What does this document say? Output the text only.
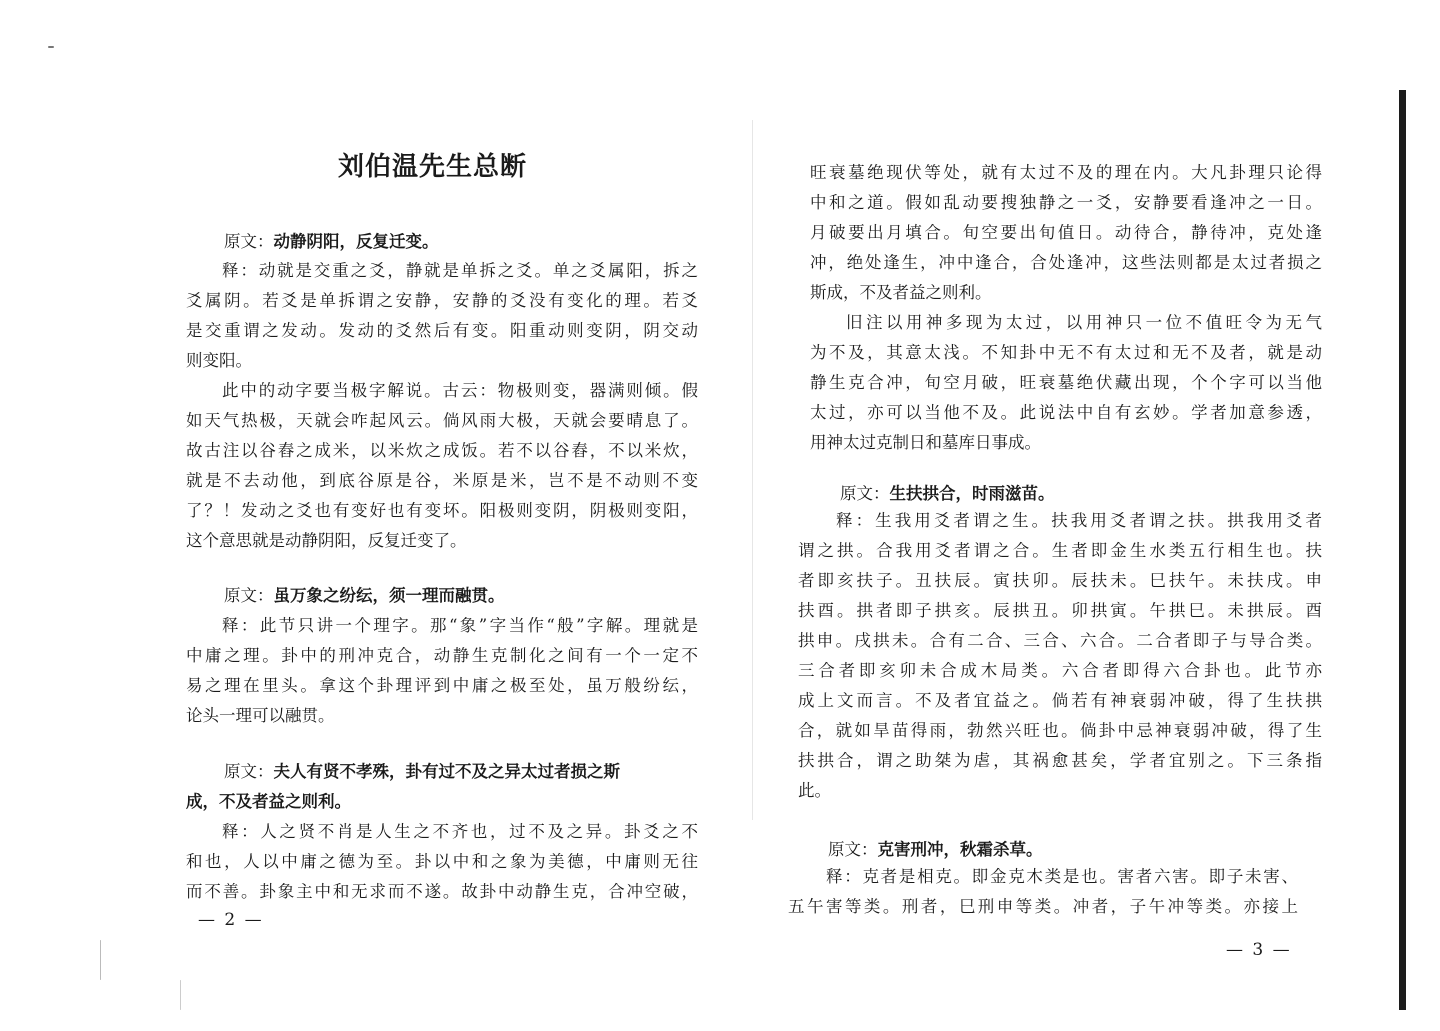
刘伯温先生总断
原文：动静阴阳，反复迁变。
释：动就是交重之爻，静就是单拆之爻。单之爻属阳，拆之
爻属阴。若爻是单拆谓之安静，安静的爻没有变化的理。若爻
是交重谓之发动。发动的爻然后有变。阳重动则变阴，阴交动
则变阳。
此中的动字要当极字解说。古云：物极则变，器满则倾。假
如天气热极，天就会咋起风云。倘风雨大极，天就会要晴息了。
故古注以谷舂之成米，以米炊之成饭。若不以谷舂，不以米炊，
就是不去动他，到底谷原是谷，米原是米，岂不是不动则不变
了？！发动之爻也有变好也有变坏。阳极则变阴，阴极则变阳，
这个意思就是动静阴阳，反复迁变了。
原文：虽万象之纷纭，须一理而融贯。
释：此节只讲一个理字。那“象”字当作“般”字解。理就是
中庸之理。卦中的刑冲克合，动静生克制化之间有一个一定不
易之理在里头。拿这个卦理评到中庸之极至处，虽万般纷纭，
论头一理可以融贯。
原文：夫人有贤不孝殊，卦有过不及之异太过者损之斯
成，不及者益之则利。
释：人之贤不肖是人生之不齐也，过不及之异。卦爻之不
和也，人以中庸之德为至。卦以中和之象为美德，中庸则无往
而不善。卦象主中和无求而不遂。故卦中动静生克，合冲空破，
— 2 —
旺衰墓绝现伏等处，就有太过不及的理在内。大凡卦理只论得
中和之道。假如乱动要搜独静之一爻，安静要看逢冲之一日。
月破要出月填合。旬空要出旬值日。动待合，静待冲，克处逢
冲，绝处逢生，冲中逢合，合处逢冲，这些法则都是太过者损之
斯成，不及者益之则利。
旧注以用神多现为太过，以用神只一位不值旺令为无气
为不及，其意太浅。不知卦中无不有太过和无不及者，就是动
静生克合冲，旬空月破，旺衰墓绝伏藏出现，个个字可以当他
太过，亦可以当他不及。此说法中自有玄妙。学者加意参透，
用神太过克制日和墓库日事成。
原文：生扶拱合，时雨滋苗。
释：生我用爻者谓之生。扶我用爻者谓之扶。拱我用爻者
谓之拱。合我用爻者谓之合。生者即金生水类五行相生也。扶
者即亥扶子。丑扶辰。寅扶卯。辰扶未。巳扶午。未扶戌。申
扶酉。拱者即子拱亥。辰拱丑。卯拱寅。午拱巳。未拱辰。酉
拱申。戌拱未。合有二合、三合、六合。二合者即子与导合类。
三合者即亥卯未合成木局类。六合者即得六合卦也。此节亦
成上文而言。不及者宜益之。倘若有神衰弱冲破，得了生扶拱
合，就如旱苗得雨，勃然兴旺也。倘卦中忌神衰弱冲破，得了生
扶拱合，谓之助桀为虐，其祸愈甚矣，学者宜别之。下三条指
此。
原文：克害刑冲，秋霜杀草。
释：克者是相克。即金克木类是也。害者六害。即子未害、
五午害等类。刑者，巳刑申等类。冲者，子午冲等类。亦接上
— 3 —
